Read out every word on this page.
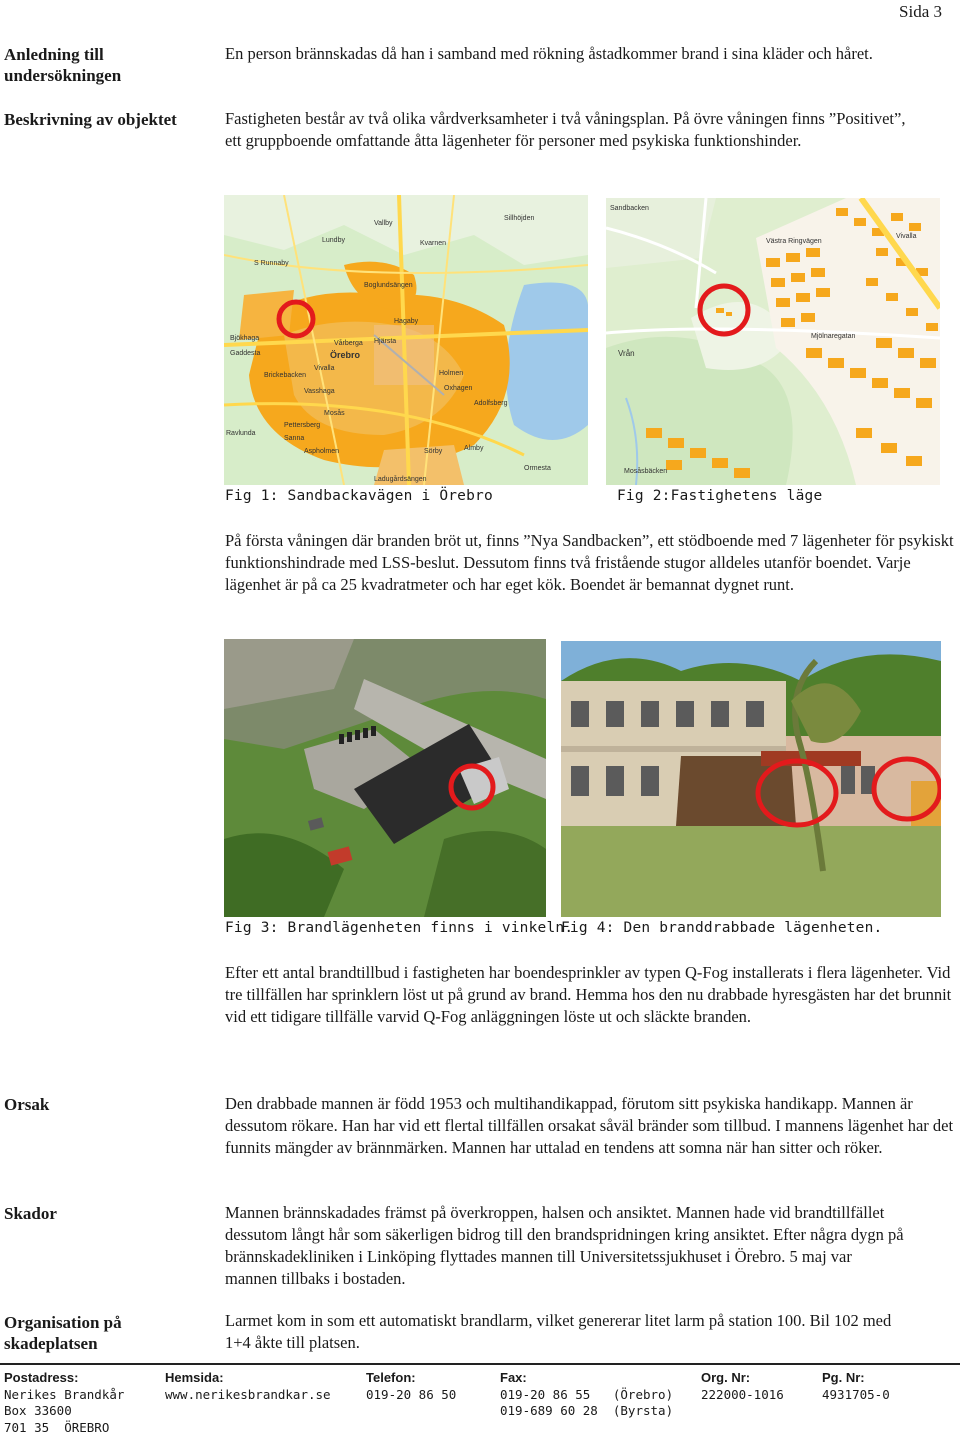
Sida 3
Anledning till undersökningen
En person brännskadas då han i samband med rökning åstadkommer brand i sina kläder och håret.
Beskrivning av objektet	Fastigheten består av två olika vårdverksamheter i två våningsplan. På övre våningen finns ”Positivet”, ett gruppboende omfattande åtta lägenheter för personer med psykiska funktionshinder.
Lundby
Vallby
Kvarnen
Sillhöjden
S Runnaby
Boglundsängen
Bjökhaga
Gaddesta
Hagaby
Vårberga
Örebro
Hjärsta
Vivalla
Brickebacken	Holmen
Oxhagen
Adolfsberg
Ladugårdsängen
Almby
Ormesta
Sörby
Aspholmen
Vasshaga
Mosås
Ravlunda
Sanna
Pettersberg
Sandbacken
Västra Ringvägen
Vivalla
Mjölnaregatan
Vrån
Mosåsbäcken
Fig 1: Sandbackavägen i Örebro	Fig 2:Fastighetens läge
På första våningen där branden bröt ut, finns ”Nya Sandbacken”, ett stödboende med 7 lägenheter för psykiskt funktionshindrade med LSS-beslut. Dessutom finns två fristående stugor alldeles utanför boendet. Varje lägenhet är på ca 25 kvadratmeter och har eget kök. Boendet är bemannat dygnet runt.
Fig 3: Brandlägenheten finns i vinkeln.
Fig 4: Den branddrabbade lägenheten.
Efter ett antal brandtillbud i fastigheten har boendesprinkler av typen Q-Fog installerats i flera lägenheter. Vid tre tillfällen har sprinklern löst ut på grund av brand. Hemma hos den nu drabbade hyresgästen har det brunnit vid ett tidigare tillfälle varvid Q-Fog anläggningen löste ut och släckte branden.
Orsak	Den drabbade mannen är född 1953 och multihandikappad, förutom sitt psykiska handikapp. Mannen är dessutom rökare. Han har vid ett flertal tillfällen orsakat såväl bränder som tillbud. I mannens lägenhet har det funnits mängder av brännmärken. Mannen har uttalad en tendens att somna när han sitter och röker.
Skador	Mannen brännskadades främst på överkroppen, halsen och ansiktet. Mannen hade vid brandtillfället dessutom långt hår som säkerligen bidrog till den brandspridningen kring ansiktet. Efter några dygn på brännskadekliniken i Linköping flyttades mannen till Universitetssjukhuset i Örebro. 5 maj var mannen tillbaks i bostaden.
Organisation på skadeplatsen
Larmet kom in som ett automatiskt brandlarm, vilket genererar litet larm på station 100. Bil 102 med 1+4 åkte till platsen.
Postadress:
Nerikes Brandkår
Box 33600
701 35  ÖREBRO
Hemsida:
www.nerikesbrandkar.se
Telefon:
019-20 86 50
Fax:
019-20 86 55   (Örebro)
019-689 60 28  (Byrsta)
Org. Nr:
222000-1016
Pg. Nr:
4931705-0
